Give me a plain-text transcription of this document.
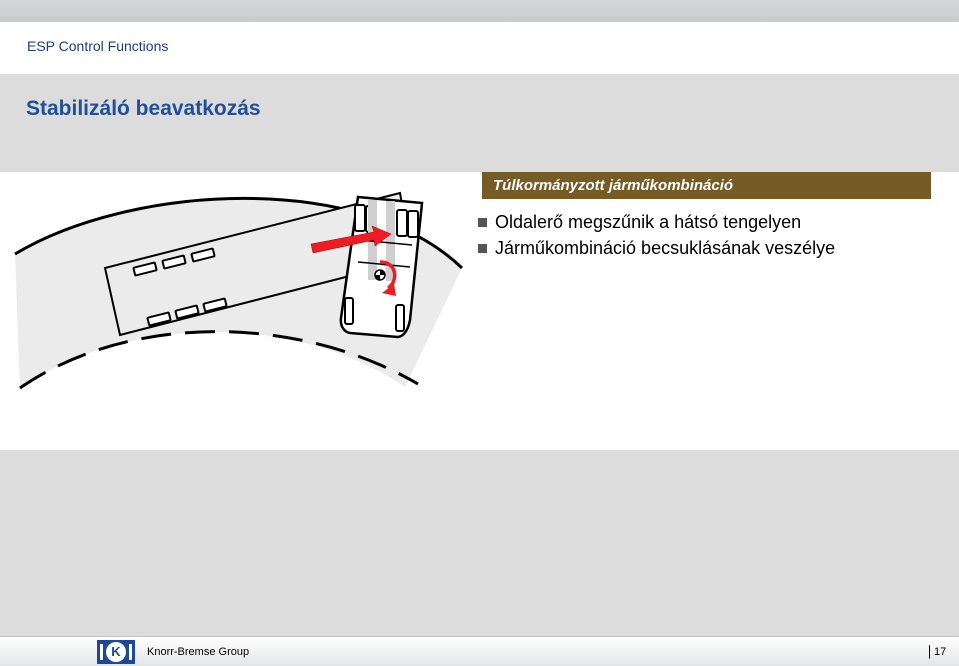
ESP Control Functions
Stabilizáló beavatkozás
Túlkormányzott járműkombináció
Oldalerő megszűnik a hátsó tengelyen
Járműkombináció becsuklásának veszélye
K	Knorr-Bremse Group	17
